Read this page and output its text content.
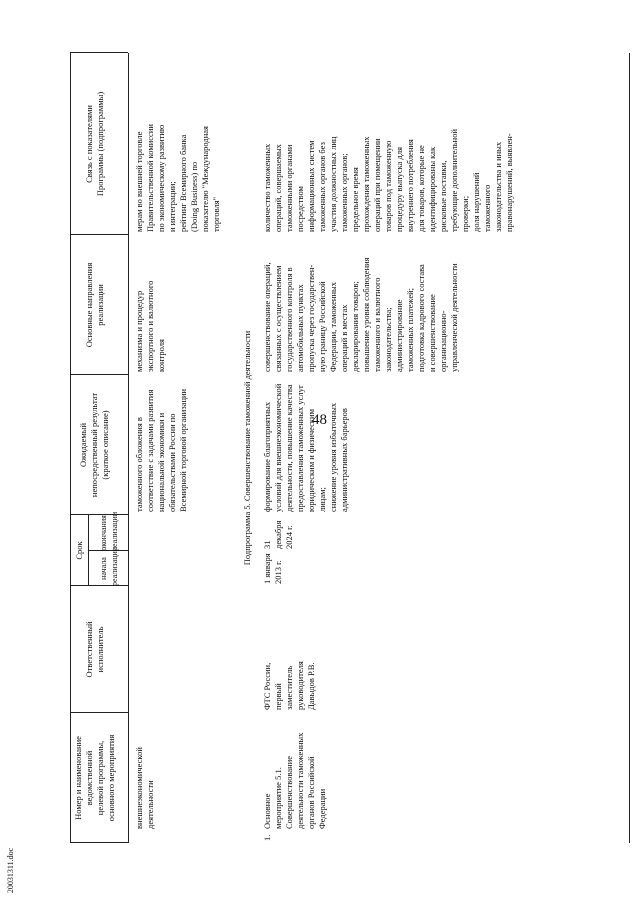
48
20031311.doc
Номер и наименование
ведомственной
целевой программы,
основного мероприятия
Ответственный
исполнитель
Срок
начала
реализации
окончания
реализации
Ожидаемый
непосредственный результат
(краткое описание)
Основные направления
реализации
Связь с показателями
Программы (подпрограммы)
внешнеэкономической
деятельности
таможенного обложения в
соответствие с задачами развития
национальной экономики и
обязательствами России по
Всемирной торговой организации
механизма и процедур
экспортного и валютного
контроля
мерам во внешней торговле
Правительственной комиссии
по экономическому развитию
и интеграции;
рейтинг Всемирного банка
(Doing Business) по
показателю "Международная
торговля"
Подпрограмма 5. Совершенствование таможенной деятельности
1.
Основное
мероприятие 5.1.
Совершенствование
деятельности таможенных
органов Российской
Федерации
ФТС России,
первый
заместитель
руководителя
Давыдов Р.В.
1 января
2013 г.
31 декабря
2024 г.
формирование благоприятных
условий для внешнеэкономической
деятельности, повышение качества
предоставления таможенных услуг
юридическим и физическим
лицам;
снижение уровня избыточных
административных барьеров
совершенствование операций,
связанных с осуществлением
государственного контроля в
автомобильных пунктах
пропуска через государствен-
ную границу Российской
Федерации, таможенных
операций в местах
декларирования товаров;
повышение уровня соблюдения
таможенного и валютного
законодательства;
администрирование
таможенных платежей;
подготовка кадрового состава
и совершенствование
организационно-
управленческой деятельности
количество таможенных
операций, совершаемых
таможенными органами
посредством
информационных систем
таможенных органов без
участия должностных лиц
таможенных органов;
предельное время
прохождения таможенных
операций при помещении
товаров под таможенную
процедуру выпуска для
внутреннего потребления
для товаров, которые не
идентифицированы как
рисковые поставки,
требующие дополнительной
проверки;
доля нарушений
таможенного
законодательства и иных
правонарушений, выявлен-
